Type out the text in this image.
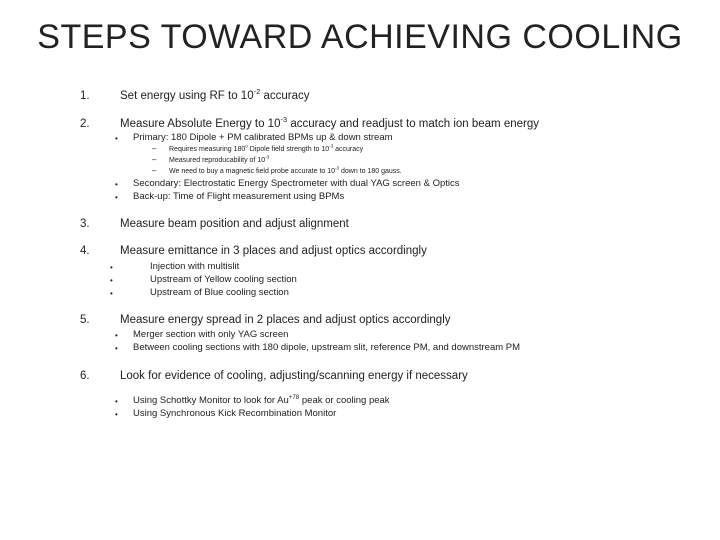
STEPS TOWARD ACHIEVING COOLING
1.	Set energy using RF to $10^{-2}$ accuracy
2.	Measure Absolute Energy to $10^{-3}$ accuracy and readjust to match ion beam energy
• Primary: 180 Dipole + PM calibrated BPMs up & down stream
– Requires measuring 180$^o$ Dipole field strength to $10^{-3}$ accuracy
– Measured reproducability of $10^{-3}$
– We need to buy a magnetic field probe accurate to $10^{-3}$ down to 180 gauss.
• Secondary: Electrostatic Energy Spectrometer with dual YAG screen & Optics
• Back-up: Time of Flight measurement using BPMs
3.	Measure beam position and adjust alignment
4.	Measure emittance in 3 places and adjust optics accordingly
•	Injection with multislit
•	Upstream of Yellow cooling section
•	Upstream of Blue cooling section
5.	Measure energy spread in 2 places and adjust optics accordingly
• Merger section with only YAG screen
• Between cooling sections with 180 dipole, upstream slit, reference PM, and downstream PM
6.	Look for evidence of cooling, adjusting/scanning energy if necessary
• Using Schottky Monitor to look for $Au^{+78}$ peak or cooling peak
• Using Synchronous Kick Recombination Monitor
